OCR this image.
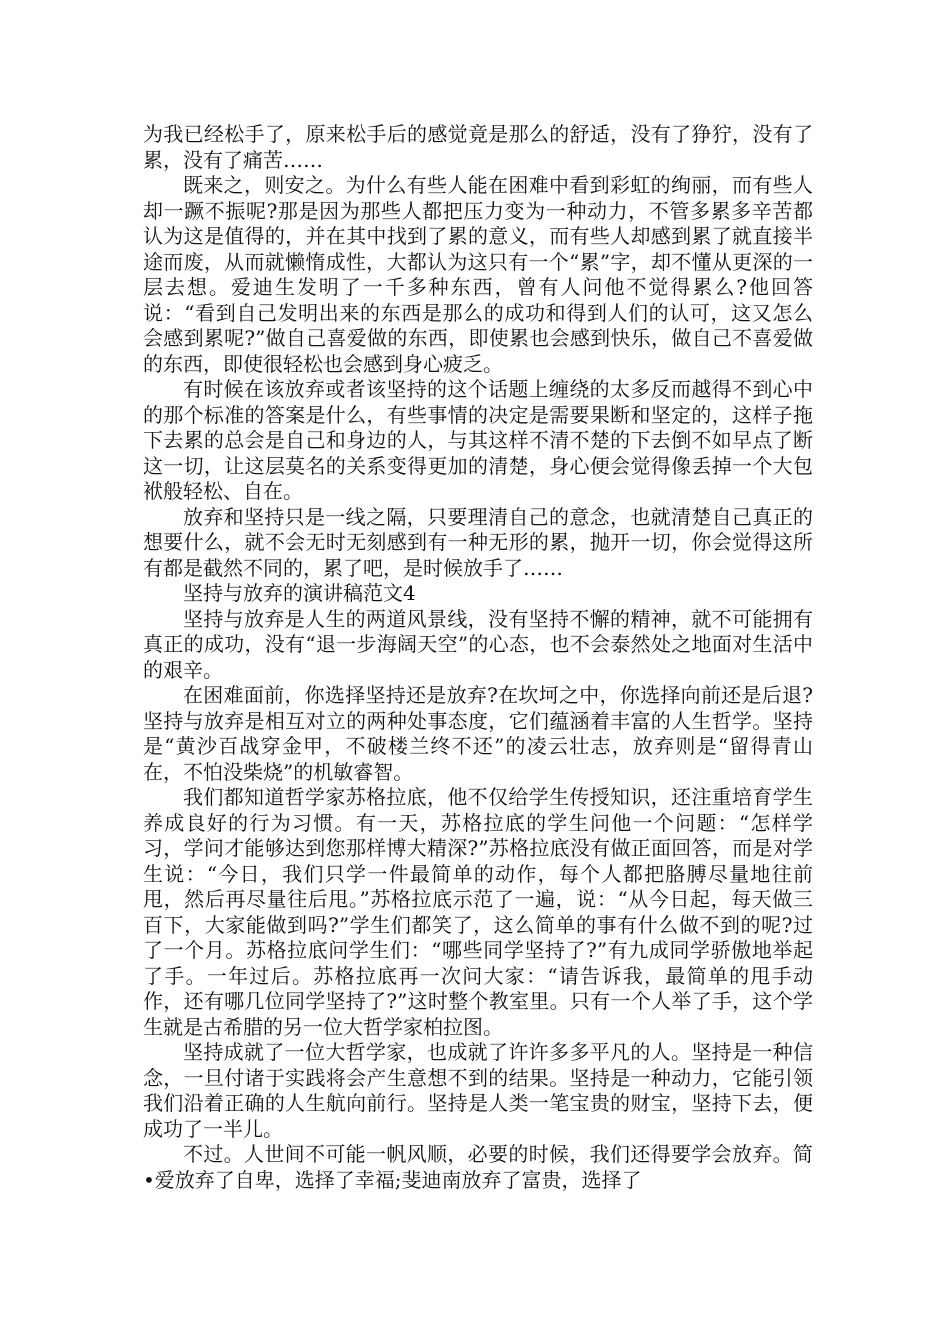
为我已经松手了，原来松手后的感觉竟是那么的舒适，没有了狰狞，没有了累，没有了痛苦……

既来之，则安之。为什么有些人能在困难中看到彩虹的绚丽，而有些人却一蹶不振呢?那是因为那些人都把压力变为一种动力，不管多累多辛苦都认为这是值得的，并在其中找到了累的意义，而有些人却感到累了就直接半途而废，从而就懒惰成性，大都认为这只有一个“累”字，却不懂从更深的一层去想。爱迪生发明了一千多种东西，曾有人问他不觉得累么?他回答说：“看到自己发明出来的东西是那么的成功和得到人们的认可，这又怎么会感到累呢?”做自己喜爱做的东西，即使累也会感到快乐，做自己不喜爱做的东西，即使很轻松也会感到身心疲乏。

有时候在该放弃或者该坚持的这个话题上缠绕的太多反而越得不到心中的那个标准的答案是什么，有些事情的决定是需要果断和坚定的，这样子拖下去累的总会是自己和身边的人，与其这样不清不楚的下去倒不如早点了断这一切，让这层莫名的关系变得更加的清楚，身心便会觉得像丢掉一个大包袱般轻松、自在。

放弃和坚持只是一线之隔，只要理清自己的意念，也就清楚自己真正的想要什么，就不会无时无刻感到有一种无形的累，抛开一切，你会觉得这所有都是截然不同的，累了吧，是时候放手了……

坚持与放弃的演讲稿范文4

坚持与放弃是人生的两道风景线，没有坚持不懈的精神，就不可能拥有真正的成功，没有“退一步海阔天空”的心态，也不会泰然处之地面对生活中的艰辛。

在困难面前，你选择坚持还是放弃?在坎坷之中，你选择向前还是后退?坚持与放弃是相互对立的两种处事态度，它们蕴涵着丰富的人生哲学。坚持是“黄沙百战穿金甲，不破楼兰终不还”的凌云壮志，放弃则是“留得青山在，不怕没柴烧”的机敏睿智。

我们都知道哲学家苏格拉底，他不仅给学生传授知识，还注重培育学生养成良好的行为习惯。有一天，苏格拉底的学生问他一个问题：“怎样学习，学问才能够达到您那样博大精深?”苏格拉底没有做正面回答，而是对学生说：“今日，我们只学一件最简单的动作，每个人都把胳膊尽量地往前甩，然后再尽量往后甩。”苏格拉底示范了一遍，说：“从今日起，每天做三百下，大家能做到吗?”学生们都笑了，这么简单的事有什么做不到的呢?过了一个月。苏格拉底问学生们：“哪些同学坚持了?”有九成同学骄傲地举起了手。一年过后。苏格拉底再一次问大家：“请告诉我，最简单的甩手动作，还有哪几位同学坚持了?”这时整个教室里。只有一个人举了手，这个学生就是古希腊的另一位大哲学家柏拉图。

坚持成就了一位大哲学家，也成就了许许多多平凡的人。坚持是一种信念，一旦付诸于实践将会产生意想不到的结果。坚持是一种动力，它能引领我们沿着正确的人生航向前行。坚持是人类一笔宝贵的财宝，坚持下去，便成功了一半儿。

不过。人世间不可能一帆风顺，必要的时候，我们还得要学会放弃。简•爱放弃了自卑，选择了幸福;斐迪南放弃了富贵，选择了
